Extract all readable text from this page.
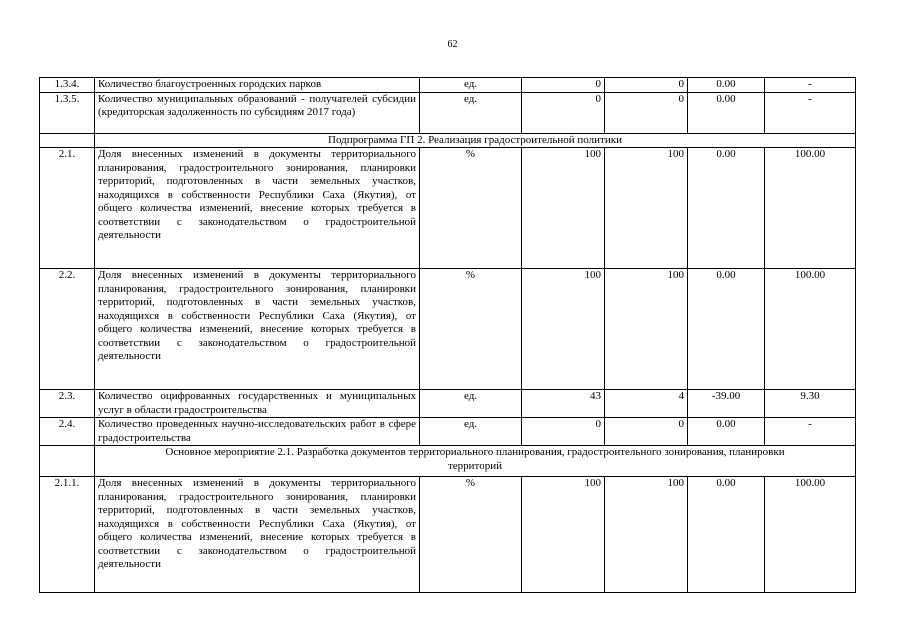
62
1.3.4.	Количество благоустроенных городских парков	ед.	0	0	0.00	-
1.3.5.	Количество муниципальных образований - получателей субсидии (кредиторская задолженность по субсидиям 2017 года)	ед.	0	0	0.00	-
	Подпрограмма ГП 2. Реализация градостроительной политики					
2.1.	Доля внесенных изменений в документы территориального планирования, градостроительного зонирования, планировки территорий, подготовленных в части земельных участков, находящихся в собственности Республики Саха (Якутия), от общего количества изменений, внесение которых требуется в соответствии с законодательством о градостроительной деятельности	%	100	100	0.00	100.00
2.2.	Доля внесенных изменений в документы территориального планирования, градостроительного зонирования, планировки территорий, подготовленных в части земельных участков, находящихся в собственности Республики Саха (Якутия), от общего количества изменений, внесение которых требуется в соответствии с законодательством о градостроительной деятельности	%	100	100	0.00	100.00
2.3.	Количество оцифрованных государственных и муниципальных услуг в области градостроительства	ед.	43	4	-39.00	9.30
2.4.	Количество проведенных научно-исследовательских работ в сфере градостроительства	ед.	0	0	0.00	-
	Основное мероприятие 2.1. Разработка документов территориального планирования, градостроительного зонирования, планировки территорий					
2.1.1.	Доля внесенных изменений в документы территориального планирования, градостроительного зонирования, планировки территорий, подготовленных в части земельных участков, находящихся в собственности Республики Саха (Якутия), от общего количества изменений, внесение которых требуется в соответствии с законодательством о градостроительной деятельности	%	100	100	0.00	100.00
